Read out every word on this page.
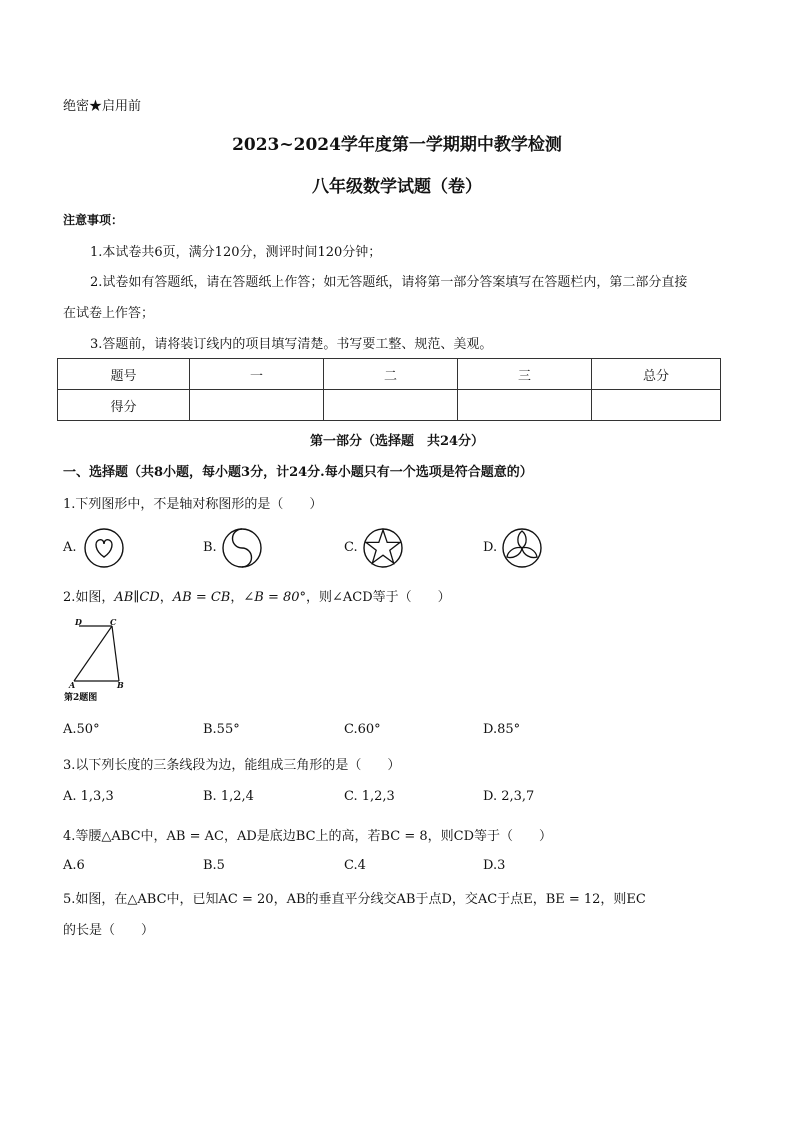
绝密★启用前
2023~2024学年度第一学期期中教学检测
八年级数学试题（卷）
注意事项：
1.本试卷共6页，满分120分，测评时间120分钟；
2.试卷如有答题纸，请在答题纸上作答；如无答题纸，请将第一部分答案填写在答题栏内，第二部分直接
在试卷上作答；
3.答题前，请将装订线内的项目填写清楚。书写要工整、规范、美观。
题号	一	二	三	总分
得分				
第一部分（选择题　共24分）
一、选择题（共8小题，每小题3分，计24分.每小题只有一个选项是符合题意的）
1.下列图形中，不是轴对称图形的是（　　）
A.	B.	C.	D.
2.如图，AB∥CD，AB = CB，∠B = 80°，则∠ACD等于（　　）
D	C
A	B
第2题图
A.50°	B.55°	C.60°	D.85°
3.以下列长度的三条线段为边，能组成三角形的是（　　）
A. 1,3,3	B. 1,2,4	C. 1,2,3	D. 2,3,7
4.等腰△ABC中，AB = AC，AD是底边BC上的高，若BC = 8，则CD等于（　　）
A.6	B.5	C.4	D.3
5.如图，在△ABC中，已知AC = 20，AB的垂直平分线交AB于点D，交AC于点E，BE = 12，则EC
的长是（　　）
